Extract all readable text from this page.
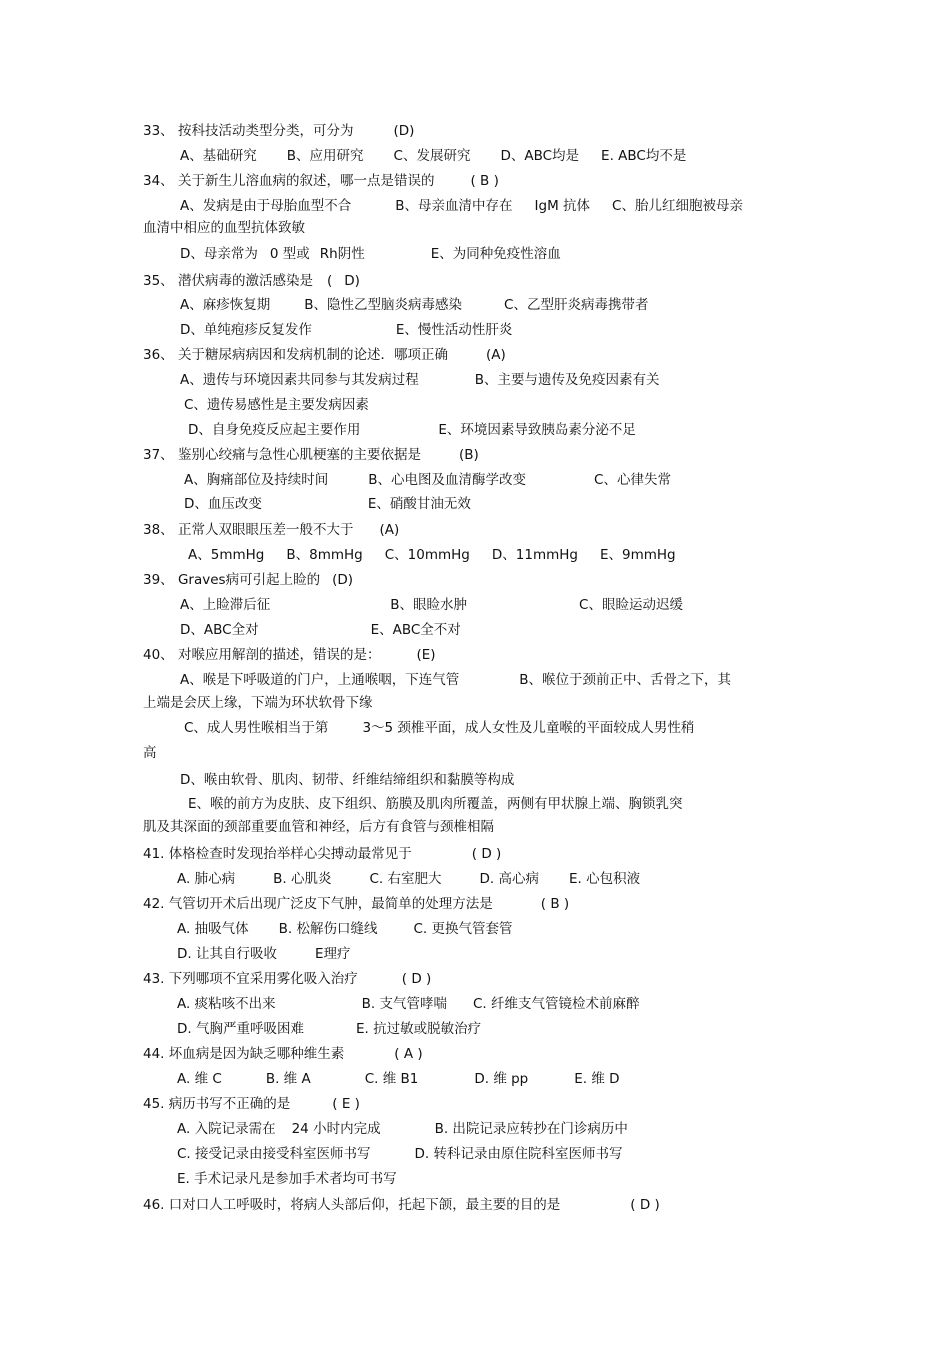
33、 按科技活动类型分类，可分为	(D)
A、基础研究 B、应用研究 C、发展研究 D、ABC均是 E. ABC均不是
34、 关于新生儿溶血病的叙述，哪一点是错误的	( B )
A、发病是由于母胎血型不合	B、母亲血清中存在 IgM 抗体 C、胎儿红细胞被母亲
血清中相应的血型抗体致敏
D、母亲常为 0 型或 Rh阴性	E、为同种免疫性溶血
35、 潜伏病毒的激活感染是 ( D)
A、麻疹恢复期	B、隐性乙型脑炎病毒感染	C、乙型肝炎病毒携带者
D、单纯疱疹反复发作	E、慢性活动性肝炎
36、 关于糖尿病病因和发病机制的论述．哪项正确	(A)
A、遗传与环境因素共同参与其发病过程	B、主要与遗传及免疫因素有关
C、遗传易感性是主要发病因素
D、自身免疫反应起主要作用	E、环境因素导致胰岛素分泌不足
37、 鉴别心绞痛与急性心肌梗塞的主要依据是	(B)
A、胸痛部位及持续时间	B、心电图及血清酶学改变	C、心律失常
D、血压改变	E、硝酸甘油无效
38、 正常人双眼眼压差一般不大于 (A)
A、5mmHg B、8mmHg C、10mmHg D、11mmHg E、9mmHg
39、 Graves病可引起上睑的 (D)
A、上睑滞后征	B、眼睑水肿	C、眼睑运动迟缓
D、ABC全对	E、ABC全不对
40、 对喉应用解剖的描述，错误的是：	(E)
A、喉是下呼吸道的门户，上通喉咽，下连气管	B、喉位于颈前正中、舌骨之下，其
上端是会厌上缘，下端为环状软骨下缘
C、成人男性喉相当于第	3～5 颈椎平面，成人女性及儿童喉的平面较成人男性稍
高
D、喉由软骨、肌肉、韧带、纤维结缔组织和黏膜等构成
E、喉的前方为皮肤、皮下组织、筋膜及肌肉所覆盖，两侧有甲状腺上端、胸锁乳突
肌及其深面的颈部重要血管和神经，后方有食管与颈椎相隔
41. 体格检查时发现抬举样心尖搏动最常见于	( D )
A. 肺心病	B. 心肌炎	C. 右室肥大	D. 高心病 E. 心包积液
42. 气管切开术后出现广泛皮下气肿，最简单的处理方法是	( B )
A. 抽吸气体 B. 松解伤口缝线	C. 更换气管套管
D. 让其自行吸收	E理疗
43. 下列哪项不宜采用雾化吸入治疗	( D )
A. 痰粘咳不出来	B. 支气管哮喘 C. 纤维支气管镜检术前麻醉
D. 气胸严重呼吸困难	E. 抗过敏或脱敏治疗
44. 坏血病是因为缺乏哪种维生素	( A )
A. 维 C	B. 维 A	C. 维 B1	D. 维 pp	E. 维 D
45. 病历书写不正确的是	( E )
A. 入院记录需在 24 小时内完成	B. 出院记录应转抄在门诊病历中
C. 接受记录由接受科室医师书写	D. 转科记录由原住院科室医师书写
E. 手术记录凡是参加手术者均可书写
46. 口对口人工呼吸时，将病人头部后仰，托起下颌，最主要的目的是	( D )
